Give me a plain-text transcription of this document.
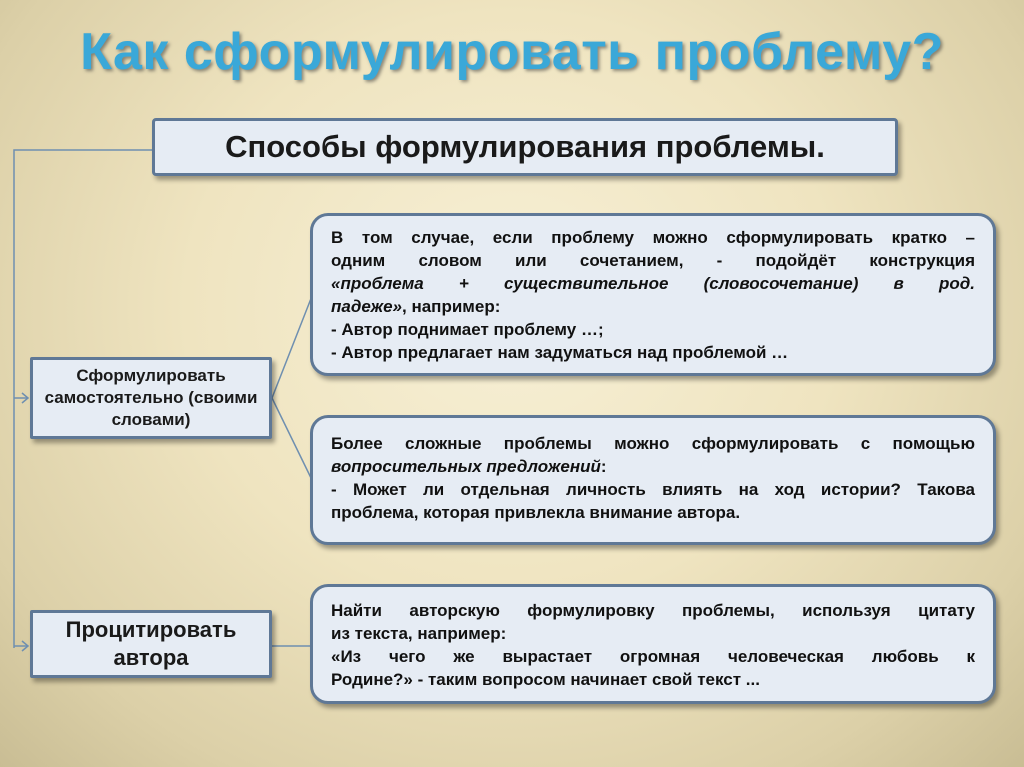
Как сформулировать проблему?
Способы формулирования проблемы.
Сформулировать самостоятельно (своими словами)
Процитировать автора
В том случае, если проблему можно сформулировать кратко –
одним словом или сочетанием, - подойдёт конструкция
«проблема + существительное (словосочетание) в род.
падеже», например:
- Автор поднимает проблему …;
- Автор предлагает нам задуматься над проблемой …
Более сложные проблемы можно сформулировать с помощью
вопросительных предложений:
- Может ли отдельная личность влиять на ход истории? Такова
проблема, которая привлекла внимание автора.
Найти авторскую формулировку проблемы, используя цитату
из текста, например:
«Из чего же вырастает огромная человеческая любовь к
Родине?» - таким вопросом начинает свой текст ...
